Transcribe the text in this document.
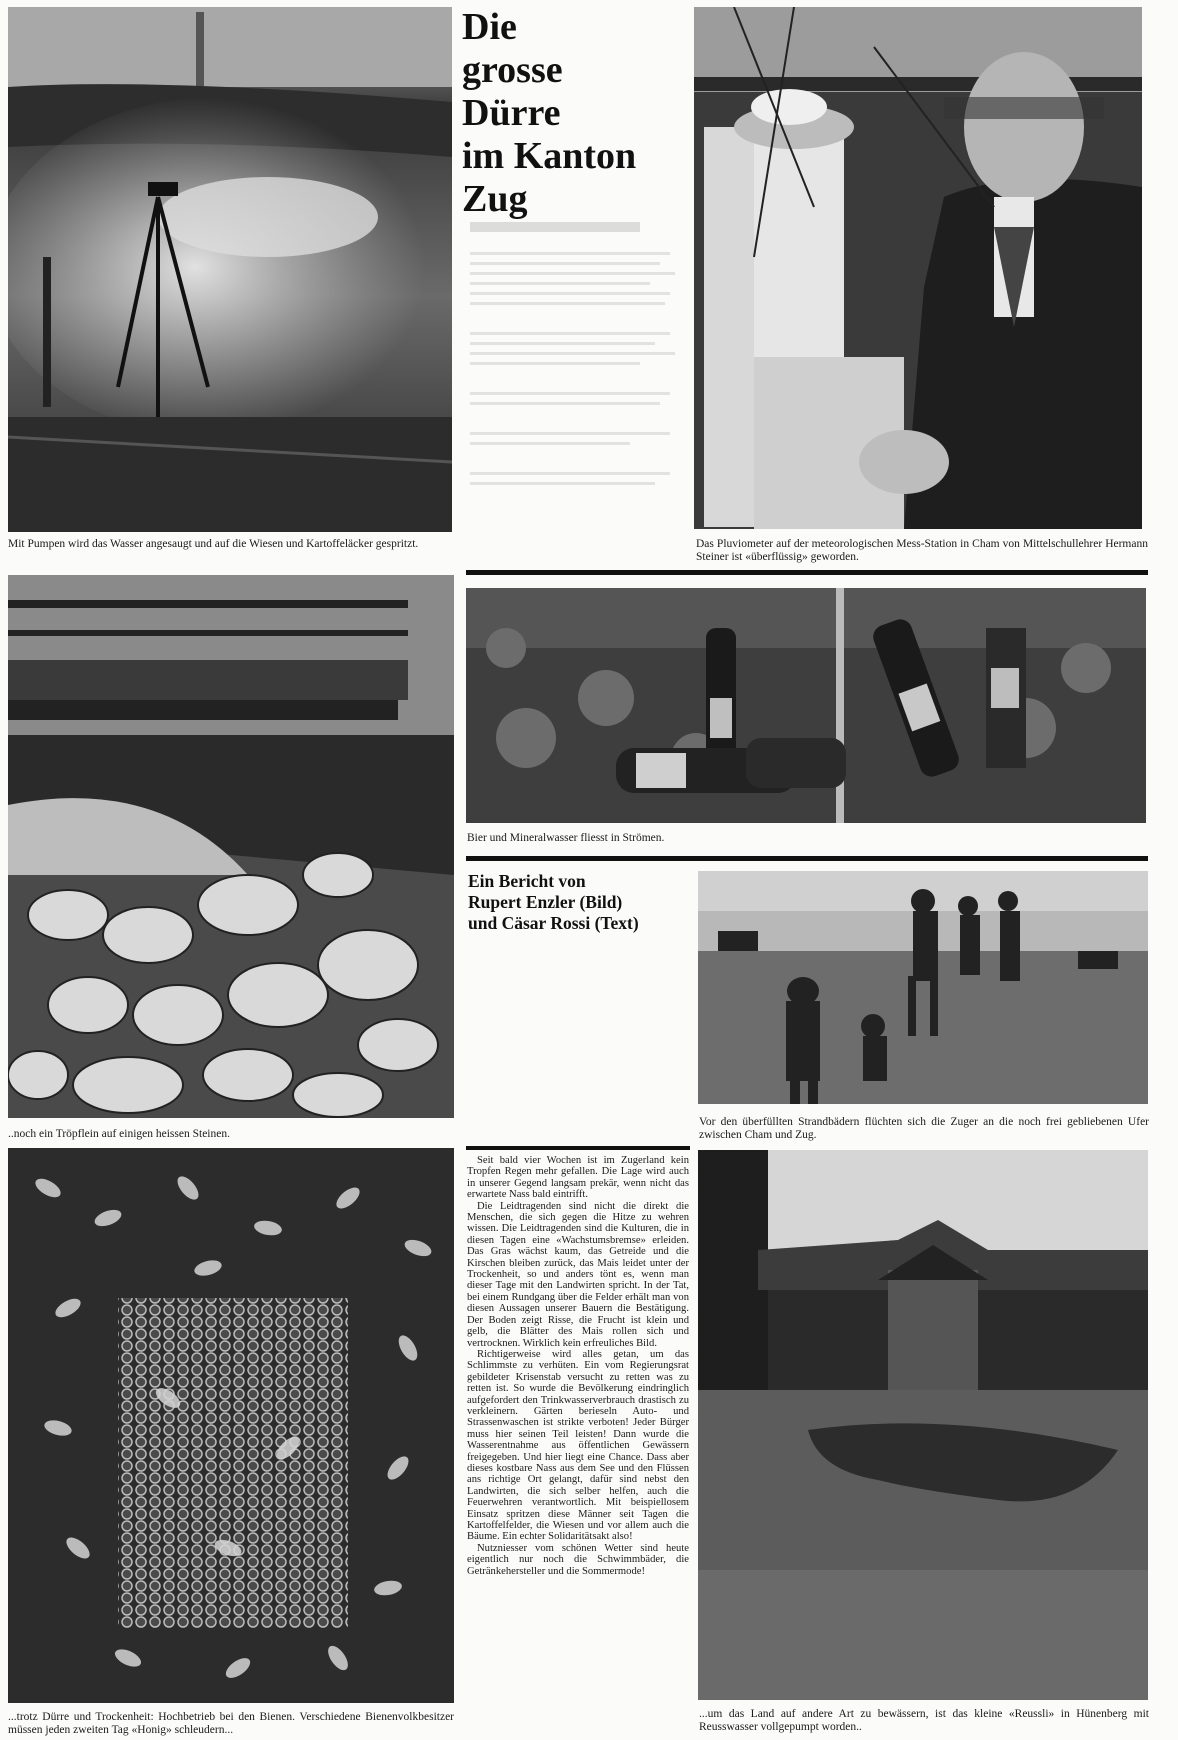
Die
grosse
Dürre
im Kanton
Zug
Mit Pumpen wird das Wasser angesaugt und auf die Wiesen und Kartoffeläcker gespritzt.	Das Pluviometer auf der meteorologischen Mess-Station in Cham von Mittelschullehrer Hermann Steiner ist «überflüssig» geworden.
..noch ein Tröpflein auf einigen heissen Steinen.
Bier und Mineralwasser fliesst in Strömen.
Ein Bericht von
Rupert Enzler (Bild)
und Cäsar Rossi (Text)
Vor den überfüllten Strandbädern flüchten sich die Zuger an die noch frei gebliebenen Ufer zwischen Cham und Zug.

Seit bald vier Wochen ist im Zugerland kein Tropfen Regen mehr gefallen. Die Lage wird auch in unserer Gegend langsam prekär, wenn nicht das erwartete Nass bald eintrifft.

Die Leidtragenden sind nicht die direkt die Menschen, die sich gegen die Hitze zu wehren wissen. Die Leidtragenden sind die Kulturen, die in diesen Tagen eine «Wachstumsbremse» erleiden. Das Gras wächst kaum, das Getreide und die Kirschen bleiben zurück, das Mais leidet unter der Trockenheit, so und anders tönt es, wenn man dieser Tage mit den Landwirten spricht. In der Tat, bei einem Rundgang über die Felder erhält man von diesen Aussagen unserer Bauern die Bestätigung. Der Boden zeigt Risse, die Frucht ist klein und gelb, die Blätter des Mais rollen sich und vertrocknen. Wirklich kein erfreuliches Bild.

Richtigerweise wird alles getan, um das Schlimmste zu verhüten. Ein vom Regierungsrat gebildeter Krisenstab versucht zu retten was zu retten ist. So wurde die Bevölkerung eindringlich aufgefordert den Trinkwasserverbrauch drastisch zu verkleinern. Gärten berieseln Auto- und Strassenwaschen ist strikte verboten! Jeder Bürger muss hier seinen Teil leisten! Dann wurde die Wasserentnahme aus öffentlichen Gewässern freigegeben. Und hier liegt eine Chance. Dass aber dieses kostbare Nass aus dem See und den Flüssen ans richtige Ort gelangt, dafür sind nebst den Landwirten, die sich selber helfen, auch die Feuerwehren verantwortlich. Mit beispiellosem Einsatz spritzen diese Männer seit Tagen die Kartoffelfelder, die Wiesen und vor allem auch die Bäume. Ein echter Solidaritätsakt also!

Nutzniesser vom schönen Wetter sind heute eigentlich nur noch die Schwimmbäder, die Getränkehersteller und die Sommermode!

...trotz Dürre und Trockenheit: Hochbetrieb bei den Bienen. Verschiedene Bienenvolkbesitzer müssen jeden zweiten Tag «Honig» schleudern...
...um das Land auf andere Art zu bewässern, ist das kleine «Reussli» in Hünenberg mit Reusswasser vollgepumpt worden..
